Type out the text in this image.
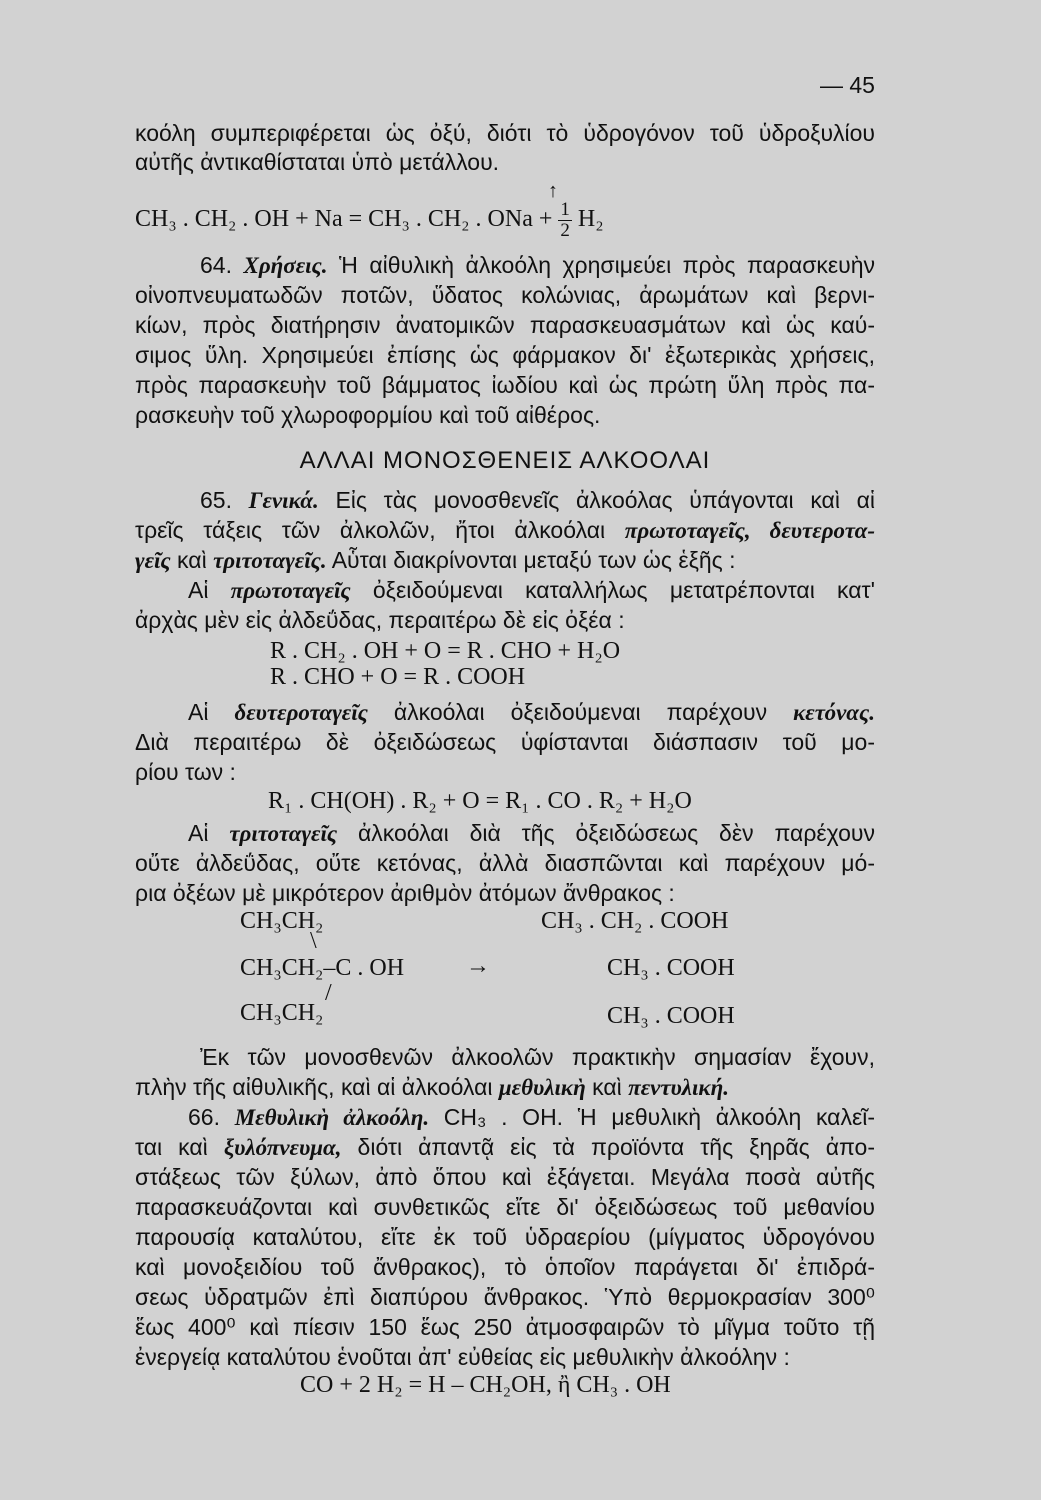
— 45
κοόλη συμπεριφέρεται ὡς ὀξύ, διότι τὸ ὑδρογόνον τοῦ ὑδροξυλίου
αὐτῆς ἀντικαθίσταται ὑπὸ μετάλλου.
CH₃ . CH₂ . OH + Na = CH₃ . CH₂ . ONa + $\frac{1}{2} H_2$
↑
64. Χρήσεις. Ἡ αἰθυλικὴ ἀλκοόλη χρησιμεύει πρὸς παρασκευὴν
οἰνοπνευματωδῶν ποτῶν, ὕδατος κολώνιας, ἀρωμάτων καὶ βερνι-
κίων, πρὸς διατήρησιν ἀνατομικῶν παρασκευασμάτων καὶ ὡς καύ-
σιμος ὕλη. Χρησιμεύει ἐπίσης ὡς φάρμακον δι' ἐξωτερικὰς χρήσεις,
πρὸς παρασκευὴν τοῦ βάμματος ἰωδίου καὶ ὡς πρώτη ὕλη πρὸς πα-
ρασκευὴν τοῦ χλωροφορμίου καὶ τοῦ αἰθέρος.
ΑΛΛΑΙ ΜΟΝΟΣΘΕΝΕΙΣ ΑΛΚΟΟΛΑΙ
65. Γενικά. Εἰς τὰς μονοσθενεῖς ἀλκοόλας ὑπάγονται καὶ αἱ
τρεῖς τάξεις τῶν ἀλκολῶν, ἤτοι ἀλκοόλαι πρωτοταγεῖς, δευτεροτα-
γεῖς καὶ τριτοταγεῖς. Αὗται διακρίνονται μεταξύ των ὡς ἑξῆς :
Αἱ πρωτοταγεῖς ὀξειδούμεναι καταλλήλως μετατρέπονται κατ'
ἀρχὰς μὲν εἰς ἀλδεΰδας, περαιτέρω δὲ εἰς ὀξέα :
R . CH₂ . OH + O = R . CHO + H₂O
R . CHO + O = R . COOH
Αἱ δευτεροταγεῖς ἀλκοόλαι ὀξειδούμεναι παρέχουν κετόνας.
Διὰ περαιτέρω δὲ ὀξειδώσεως ὑφίστανται διάσπασιν τοῦ μο-
ρίου των :
R₁ . CH(OH) . R₂ + O = R₁ . CO . R₂ + H₂O
Αἱ τριτοταγεῖς ἀλκοόλαι διὰ τῆς ὀξειδώσεως δὲν παρέχουν
οὔτε ἀλδεΰδας, οὔτε κετόνας, ἀλλὰ διασπῶνται καὶ παρέχουν μό-
ρια ὀξέων μὲ μικρότερον ἀριθμὸν ἀτόμων ἄνθρακος :
CH₃CH₂
\
CH₃CH₂–C . OH
/
CH₃CH₂
→
CH₃ . CH₂ . COOH
CH₃ . COOH
CH₃ . COOH
Ἐκ τῶν μονοσθενῶν ἀλκοολῶν πρακτικὴν σημασίαν ἔχουν,
πλὴν τῆς αἰθυλικῆς, καὶ αἱ ἀλκοόλαι μεθυλικὴ καὶ πεντυλική.
66. Μεθυλικὴ ἀλκοόλη. CH₃ . OH. Ἡ μεθυλικὴ ἀλκοόλη καλεῖ-
ται καὶ ξυλόπνευμα, διότι ἀπαντᾷ εἰς τὰ προϊόντα τῆς ξηρᾶς ἀπο-
στάξεως τῶν ξύλων, ἀπὸ ὅπου καὶ ἐξάγεται. Μεγάλα ποσὰ αὐτῆς
παρασκευάζονται καὶ συνθετικῶς εἴτε δι' ὀξειδώσεως τοῦ μεθανίου
παρουσίᾳ καταλύτου, εἴτε ἐκ τοῦ ὑδραερίου (μίγματος ὑδρογόνου
καὶ μονοξειδίου τοῦ ἄνθρακος), τὸ ὁποῖον παράγεται δι' ἐπιδρά-
σεως ὑδρατμῶν ἐπὶ διαπύρου ἄνθρακος. Ὑπὸ θερμοκρασίαν 300⁰
ἕως 400⁰ καὶ πίεσιν 150 ἕως 250 ἀτμοσφαιρῶν τὸ μῖγμα τοῦτο τῇ
ἐνεργείᾳ καταλύτου ἑνοῦται ἀπ' εὐθείας εἰς μεθυλικὴν ἀλκοόλην :
CO + 2 H₂ = H – CH₂OH, ἢ CH₃ . OH
